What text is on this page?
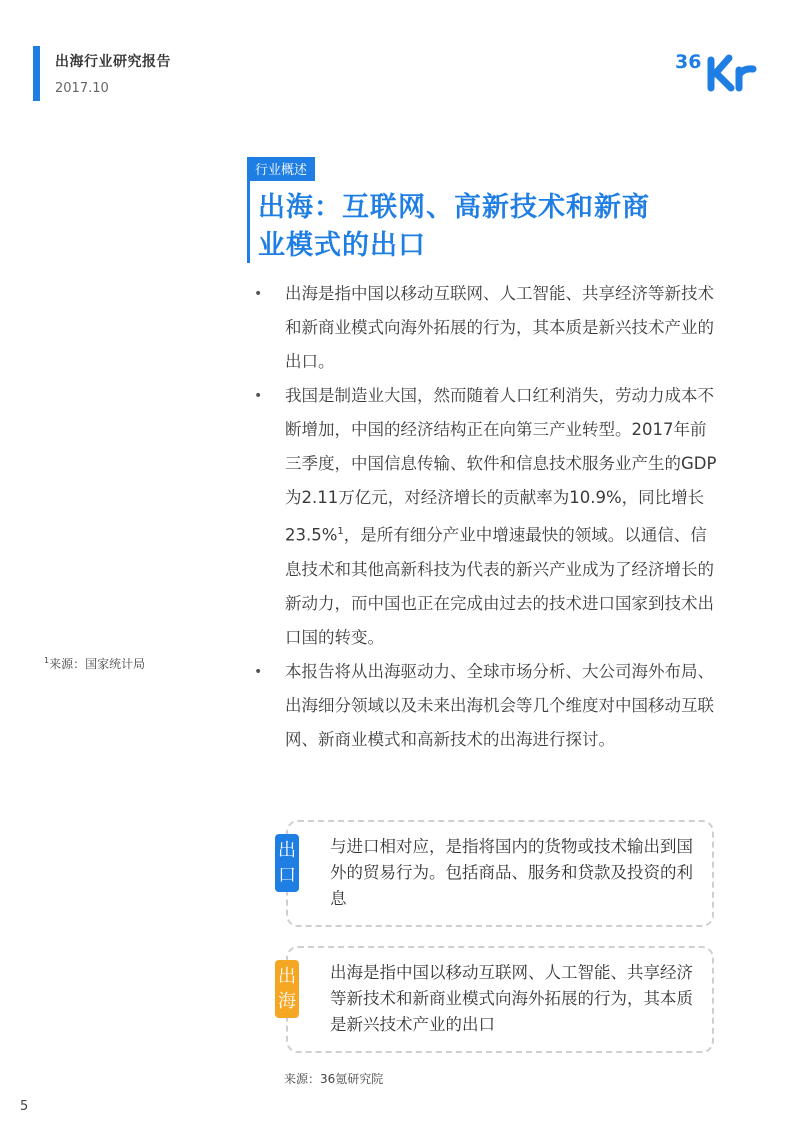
出海行业研究报告
2017.10
36
行业概述
出海：互联网、高新技术和新商
业模式的出口
• 出海是指中国以移动互联网、人工智能、共享经济等新技术和新商业模式向海外拓展的行为，其本质是新兴技术产业的出口。
• 我国是制造业大国，然而随着人口红利消失，劳动力成本不断增加，中国的经济结构正在向第三产业转型。2017年前三季度，中国信息传输、软件和信息技术服务业产生的GDP为2.11万亿元，对经济增长的贡献率为10.9%，同比增长23.5%$^1$，是所有细分产业中增速最快的领域。以通信、信息技术和其他高新科技为代表的新兴产业成为了经济增长的新动力，而中国也正在完成由过去的技术进口国家到技术出口国的转变。
• 本报告将从出海驱动力、全球市场分析、大公司海外布局、出海细分领域以及未来出海机会等几个维度对中国移动互联网、新商业模式和高新技术的出海进行探讨。
$^1$来源：国家统计局
出
口
与进口相对应，是指将国内的货物或技术输出到国外的贸易行为。包括商品、服务和贷款及投资的利息
出
海
出海是指中国以移动互联网、人工智能、共享经济等新技术和新商业模式向海外拓展的行为，其本质是新兴技术产业的出口
来源：36氪研究院
5
